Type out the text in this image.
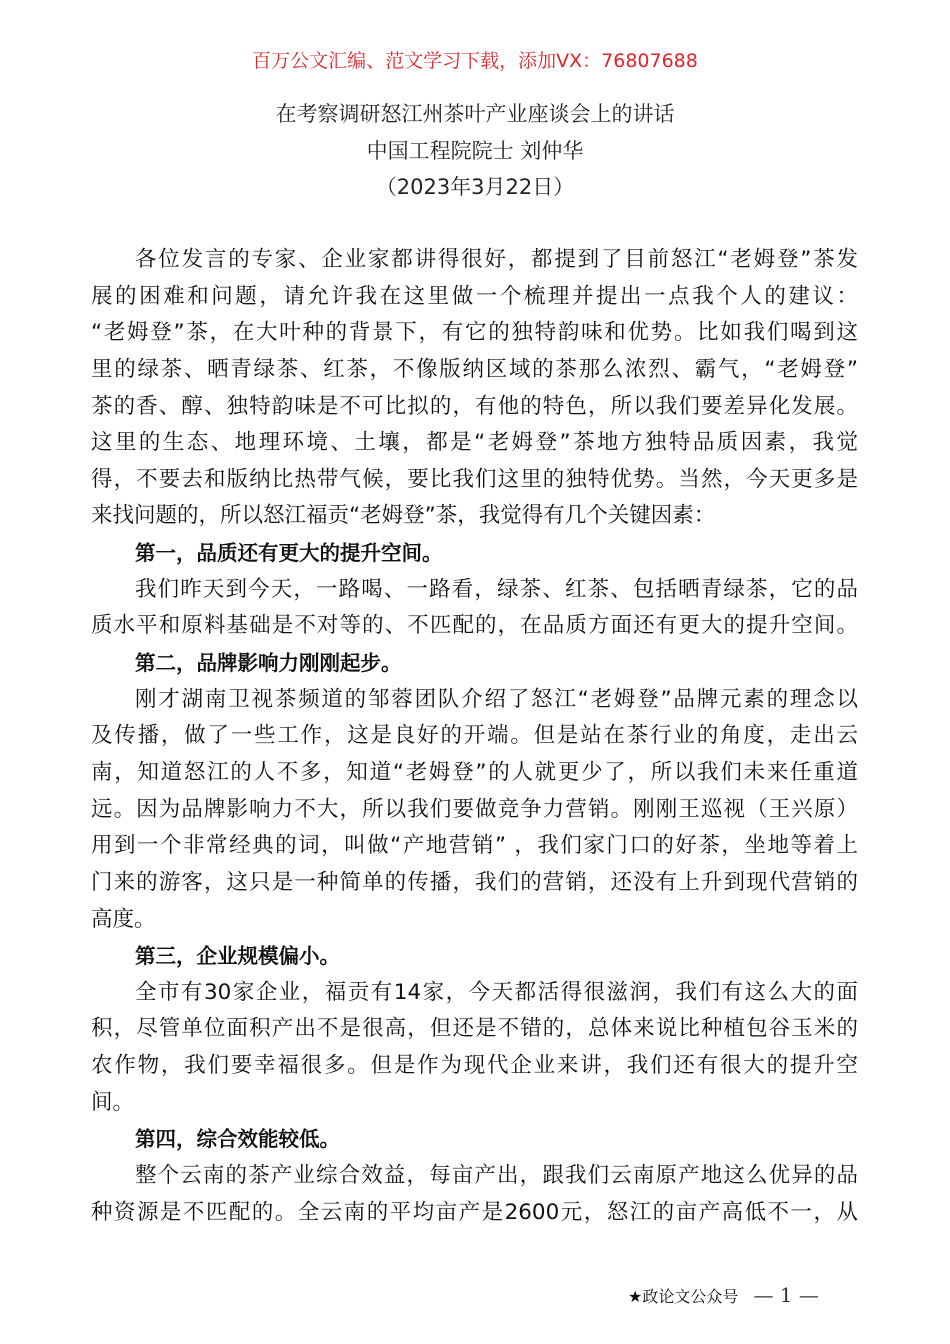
百万公文汇编、范文学习下载，添加VX：76807688
在考察调研怒江州茶叶产业座谈会上的讲话
中国工程院院士 刘仲华
（2023年3月22日）
各位发言的专家、企业家都讲得很好，都提到了目前怒江“老姆登”茶发
展的困难和问题，请允许我在这里做一个梳理并提出一点我个人的建议：
“老姆登”茶，在大叶种的背景下，有它的独特韵味和优势。比如我们喝到这
里的绿茶、晒青绿茶、红茶，不像版纳区域的茶那么浓烈、霸气，“老姆登”
茶的香、醇、独特韵味是不可比拟的，有他的特色，所以我们要差异化发展。
这里的生态、地理环境、土壤，都是“老姆登”茶地方独特品质因素，我觉
得，不要去和版纳比热带气候，要比我们这里的独特优势。当然，今天更多是
来找问题的，所以怒江福贡“老姆登”茶，我觉得有几个关键因素：
第一，品质还有更大的提升空间。
我们昨天到今天，一路喝、一路看，绿茶、红茶、包括晒青绿茶，它的品
质水平和原料基础是不对等的、不匹配的，在品质方面还有更大的提升空间。
第二，品牌影响力刚刚起步。
刚才湖南卫视茶频道的邹蓉团队介绍了怒江“老姆登”品牌元素的理念以
及传播，做了一些工作，这是良好的开端。但是站在茶行业的角度，走出云
南，知道怒江的人不多，知道“老姆登”的人就更少了，所以我们未来任重道
远。因为品牌影响力不大，所以我们要做竞争力营销。刚刚王巡视（王兴原）
用到一个非常经典的词，叫做“产地营销” ，我们家门口的好茶，坐地等着上
门来的游客，这只是一种简单的传播，我们的营销，还没有上升到现代营销的
高度。
第三，企业规模偏小。
全市有30家企业，福贡有14家，今天都活得很滋润，我们有这么大的面
积，尽管单位面积产出不是很高，但还是不错的，总体来说比种植包谷玉米的
农作物，我们要幸福很多。但是作为现代企业来讲，我们还有很大的提升空
间。
第四，综合效能较低。
整个云南的茶产业综合效益，每亩产出，跟我们云南原产地这么优异的品
种资源是不匹配的。全云南的平均亩产是2600元，怒江的亩产高低不一，从
★政论文公众号 — 1 —
